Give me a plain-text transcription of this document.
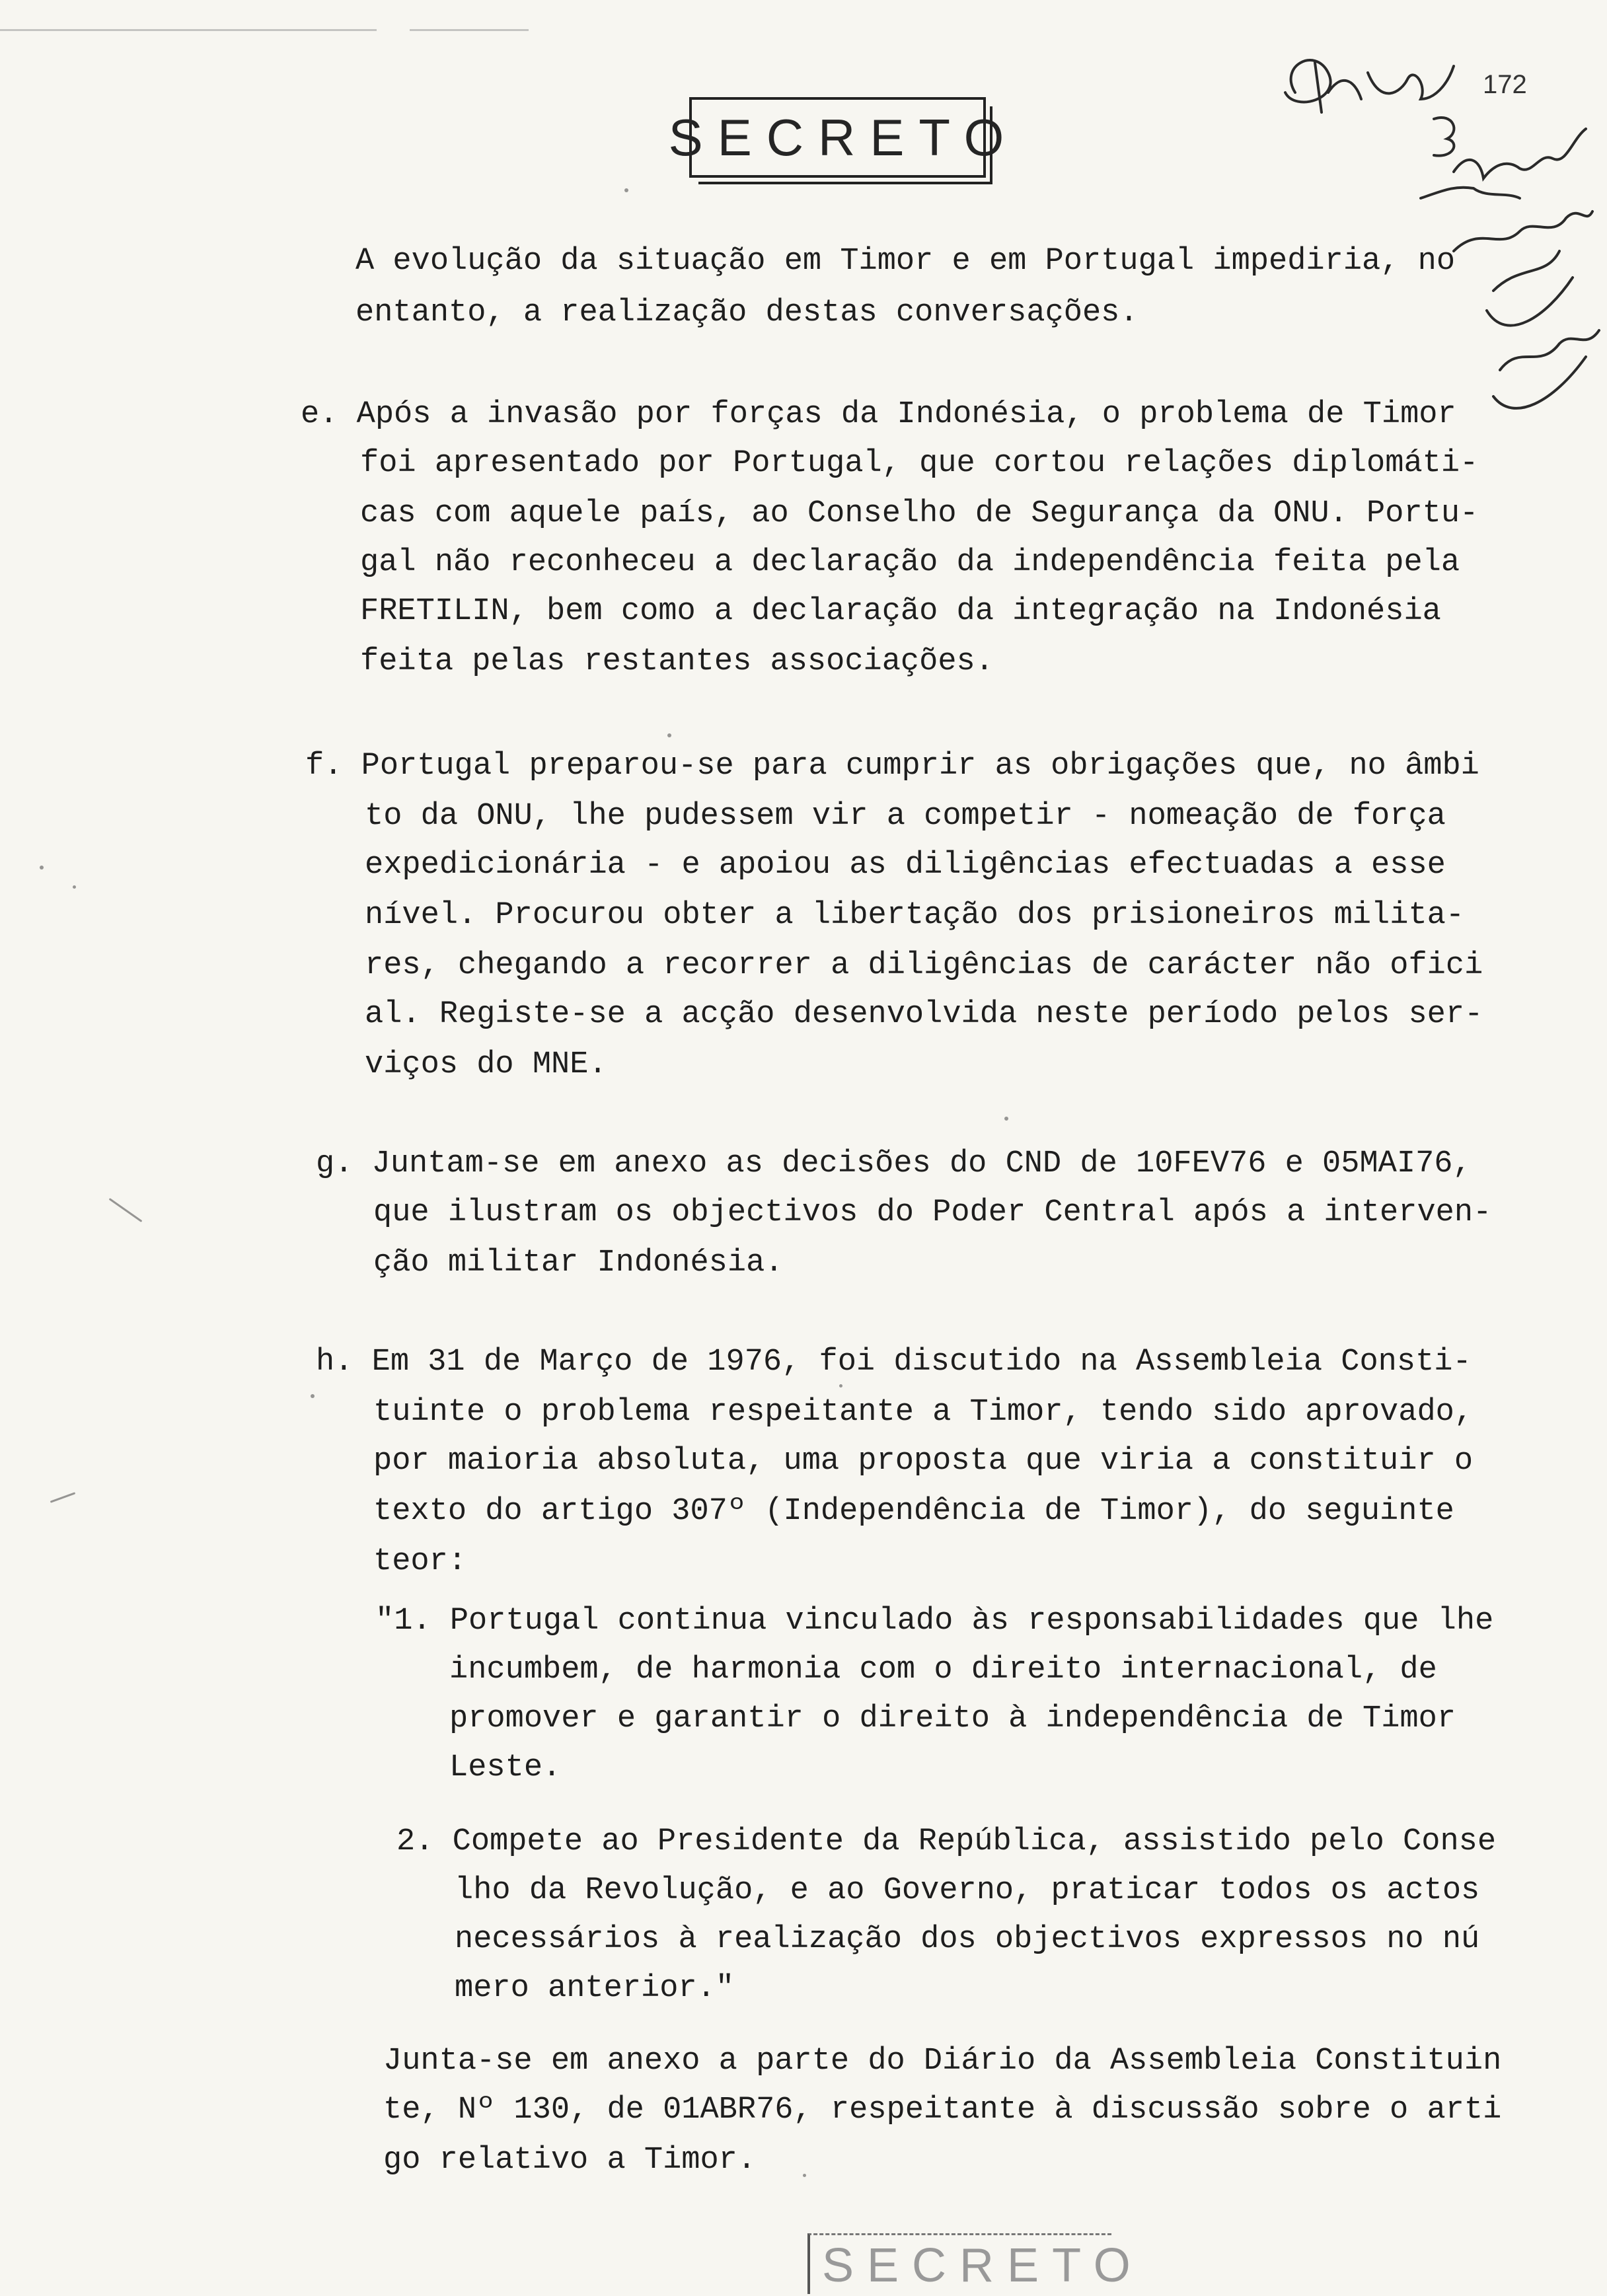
SECRETO
172
A evolução da situação em Timor e em Portugal impediria, no
entanto, a realização destas conversações.
e. Após a invasão por forças da Indonésia, o problema de Timor
foi apresentado por Portugal, que cortou relações diplomáti-
cas com aquele país, ao Conselho de Segurança da ONU. Portu-
gal não reconheceu a declaração da independência feita pela
FRETILIN, bem como a declaração da integração na Indonésia
feita pelas restantes associações.
f. Portugal preparou-se para cumprir as obrigações que, no âmbi
to da ONU, lhe pudessem vir a competir - nomeação de força
expedicionária - e apoiou as diligências efectuadas a esse
nível. Procurou obter a libertação dos prisioneiros milita-
res, chegando a recorrer a diligências de carácter não ofici
al. Registe-se a acção desenvolvida neste período pelos ser-
viços do MNE.
g. Juntam-se em anexo as decisões do CND de 10FEV76 e 05MAI76,
que ilustram os objectivos do Poder Central após a interven-
ção militar Indonésia.
h. Em 31 de Março de 1976, foi discutido na Assembleia Consti-
tuinte o problema respeitante a Timor, tendo sido aprovado,
por maioria absoluta, uma proposta que viria a constituir o
texto do artigo 307º (Independência de Timor), do seguinte
teor:
"1. Portugal continua vinculado às responsabilidades que lhe
incumbem, de harmonia com o direito internacional, de
promover e garantir o direito à independência de Timor
Leste.
2. Compete ao Presidente da República, assistido pelo Conse
lho da Revolução, e ao Governo, praticar todos os actos
necessários à realização dos objectivos expressos no nú
mero anterior."
Junta-se em anexo a parte do Diário da Assembleia Constituin
te, Nº 130, de 01ABR76, respeitante à discussão sobre o arti
go relativo a Timor.
SECRETO
